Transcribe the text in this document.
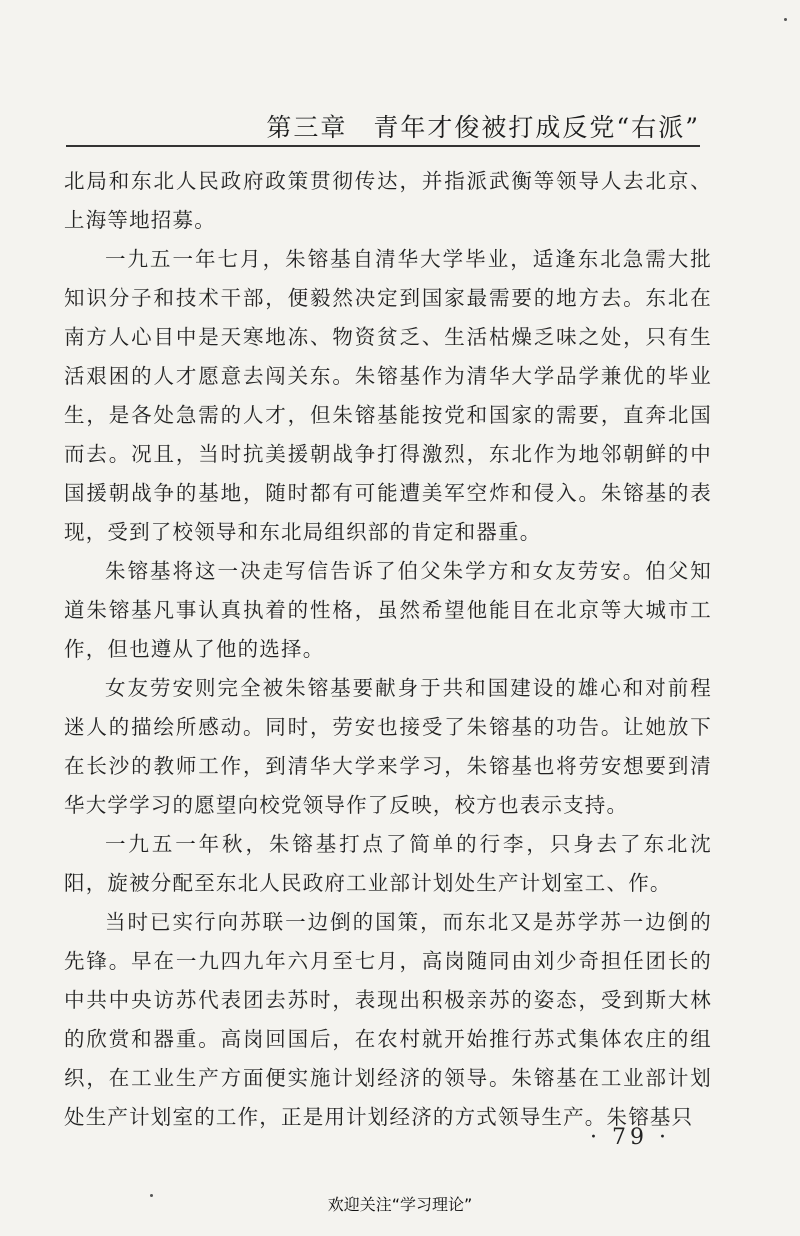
第三章 青年才俊被打成反党“右派”

北局和东北人民政府政策贯彻传达，并指派武衡等领导人去北京、上海等地招募。

一九五一年七月，朱镕基自清华大学毕业，适逢东北急需大批知识分子和技术干部，便毅然决定到国家最需要的地方去。东北在南方人心目中是天寒地冻、物资贫乏、生活枯燥乏味之处，只有生活艰困的人才愿意去闯关东。朱镕基作为清华大学品学兼优的毕业生，是各处急需的人才，但朱镕基能按党和国家的需要，直奔北国而去。况且，当时抗美援朝战争打得激烈，东北作为地邻朝鲜的中国援朝战争的基地，随时都有可能遭美军空炸和侵入。朱镕基的表现，受到了校领导和东北局组织部的肯定和器重。

朱镕基将这一决走写信告诉了伯父朱学方和女友劳安。伯父知道朱镕基凡事认真执着的性格，虽然希望他能目在北京等大城市工作，但也遵从了他的选择。

女友劳安则完全被朱镕基要献身于共和国建设的雄心和对前程迷人的描绘所感动。同时，劳安也接受了朱镕基的功告。让她放下在长沙的教师工作，到清华大学来学习，朱镕基也将劳安想要到清华大学学习的愿望向校党领导作了反映，校方也表示支持。

一九五一年秋，朱镕基打点了简单的行李，只身去了东北沈阳，旋被分配至东北人民政府工业部计划处生产计划室工、作。

当时已实行向苏联一边倒的国策，而东北又是苏学苏一边倒的先锋。早在一九四九年六月至七月，高岗随同由刘少奇担任团长的中共中央访苏代表团去苏时，表现出积极亲苏的姿态，受到斯大林的欣赏和器重。高岗回国后，在农村就开始推行苏式集体农庄的组织，在工业生产方面便实施计划经济的领导。朱镕基在工业部计划处生产计划室的工作，正是用计划经济的方式领导生产。朱镕基只

· 79 ·
欢迎关注“学习理论”
